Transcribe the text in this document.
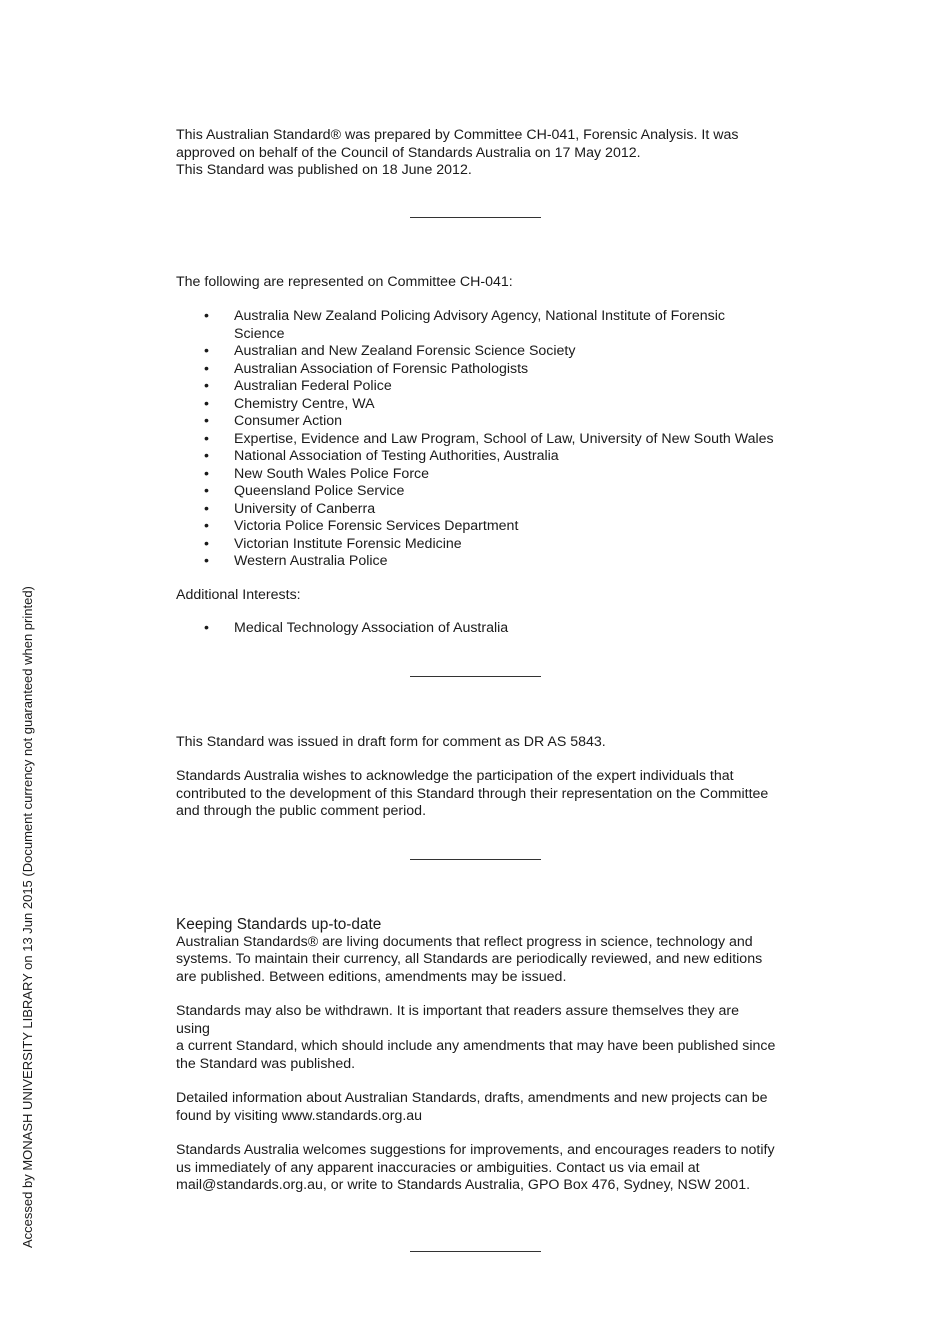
This Australian Standard® was prepared by Committee CH-041, Forensic Analysis. It was

approved on behalf of the Council of Standards Australia on 17 May 2012.

This Standard was published on 18 June 2012.

The following are represented on Committee CH-041:

• Australia New Zealand Policing Advisory Agency, National Institute of Forensic Science
• Australian and New Zealand Forensic Science Society
• Australian Association of Forensic Pathologists
• Australian Federal Police
• Chemistry Centre, WA
• Consumer Action
• Expertise, Evidence and Law Program, School of Law, University of New South Wales
• National Association of Testing Authorities, Australia
• New South Wales Police Force
• Queensland Police Service
• University of Canberra
• Victoria Police Forensic Services Department
• Victorian Institute Forensic Medicine
• Western Australia Police

Additional Interests:

• Medical Technology Association of Australia

This Standard was issued in draft form for comment as DR AS 5843.

Standards Australia wishes to acknowledge the participation of the expert individuals that

contributed to the development of this Standard through their representation on the Committee

and through the public comment period.

Keeping Standards up-to-date

Australian Standards® are living documents that reflect progress in science, technology and

systems. To maintain their currency, all Standards are periodically reviewed, and new editions

are published. Between editions, amendments may be issued.

Standards may also be withdrawn. It is important that readers assure themselves they are using

a current Standard, which should include any amendments that may have been published since

the Standard was published.

Detailed information about Australian Standards, drafts, amendments and new projects can be

found by visiting www.standards.org.au

Standards Australia welcomes suggestions for improvements, and encourages readers to notify

us immediately of any apparent inaccuracies or ambiguities. Contact us via email at

mail@standards.org.au, or write to Standards Australia, GPO Box 476, Sydney, NSW 2001.

Accessed by MONASH UNIVERSITY LIBRARY on 13 Jun 2015 (Document currency not guaranteed when printed)
